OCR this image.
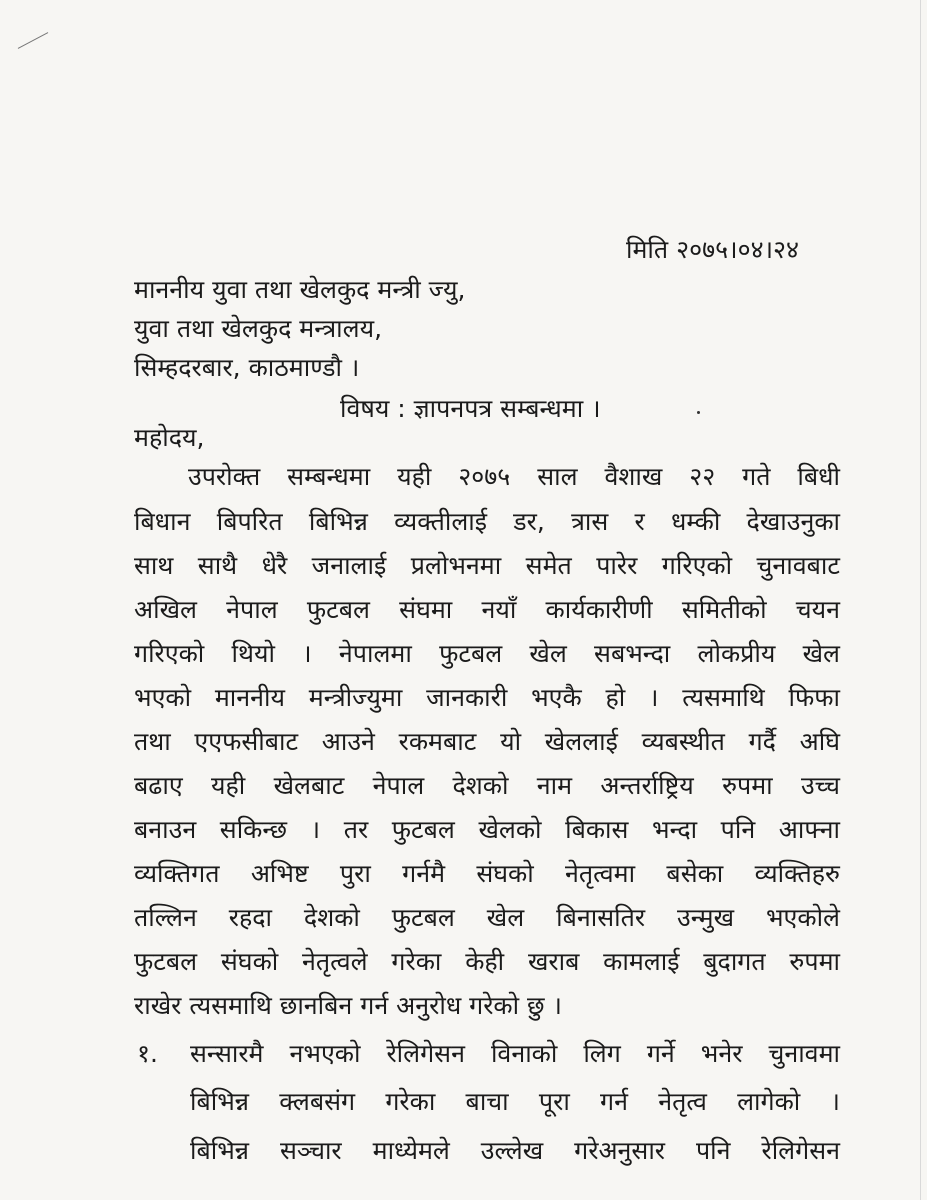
मिति २०७५।०४।२४
माननीय युवा तथा खेलकुद मन्त्री ज्यु,
युवा तथा खेलकुद मन्त्रालय,
सिम्हदरबार, काठमाण्डौ ।
विषय : ज्ञापनपत्र सम्बन्धमा ।
महोदय,
उपरोक्त सम्बन्धमा यही २०७५ साल वैशाख २२ गते बिधी
बिधान बिपरित बिभिन्न व्यक्तीलाई डर, त्रास र धम्की देखाउनुका
साथ साथै धेरै जनालाई प्रलोभनमा समेत पारेर गरिएको चुनावबाट
अखिल नेपाल फुटबल संघमा नयाँ कार्यकारीणी समितीको चयन
गरिएको थियो । नेपालमा फुटबल खेल सबभन्दा लोकप्रीय खेल
भएको माननीय मन्त्रीज्युमा जानकारी भएकै हो । त्यसमाथि फिफा
तथा एएफसीबाट आउने रकमबाट यो खेललाई व्यबस्थीत गर्दै अघि
बढाए यही खेलबाट नेपाल देशको नाम अन्तर्राष्ट्रिय रुपमा उच्च
बनाउन सकिन्छ । तर फुटबल खेलको बिकास भन्दा पनि आफ्ना
व्यक्तिगत अभिष्ट पुरा गर्नमै संघको नेतृत्वमा बसेका व्यक्तिहरु
तल्लिन रहदा देशको फुटबल खेल बिनासतिर उन्मुख भएकोले
फुटबल संघको नेतृत्वले गरेका केही खराब कामलाई बुदागत रुपमा
राखेर त्यसमाथि छानबिन गर्न अनुरोध गरेको छु ।
१. सन्सारमै नभएको रेलिगेसन विनाको लिग गर्ने भनेर चुनावमा
बिभिन्न क्लबसंग गरेका बाचा पूरा गर्न नेतृत्व लागेको ।
बिभिन्न सञ्चार माध्येमले उल्लेख गरेअनुसार पनि रेलिगेसन
